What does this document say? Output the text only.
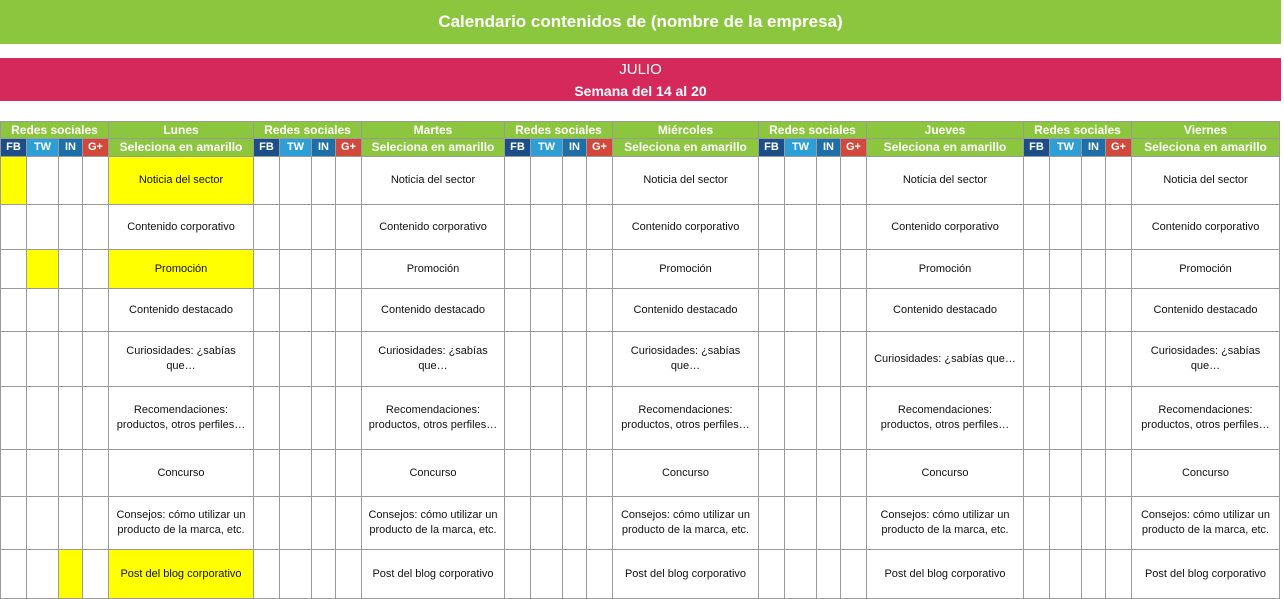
Calendario contenidos de (nombre de la empresa)
JULIO
Semana del 14 al 20
Redes sociales				Lunes	Redes sociales				Martes	Redes sociales				Miércoles	Redes sociales				Jueves	Redes sociales				Viernes
FB	TW	IN	G+	Seleciona en amarillo	FB	TW	IN	G+	Seleciona en amarillo	FB	TW	IN	G+	Seleciona en amarillo	FB	TW	IN	G+	Seleciona en amarillo	FB	TW	IN	G+	Seleciona en amarillo
				Noticia del sector					Noticia del sector					Noticia del sector					Noticia del sector					Noticia del sector
				Contenido corporativo					Contenido corporativo					Contenido corporativo					Contenido corporativo					Contenido corporativo
				Promoción					Promoción					Promoción					Promoción					Promoción
				Contenido destacado					Contenido destacado					Contenido destacado					Contenido destacado					Contenido destacado
				Curiosidades: ¿sabías que…					Curiosidades: ¿sabías que…					Curiosidades: ¿sabías que…					Curiosidades: ¿sabías que…					Curiosidades: ¿sabías que…
				Recomendaciones: productos, otros perfiles…					Recomendaciones: productos, otros perfiles…					Recomendaciones: productos, otros perfiles…					Recomendaciones: productos, otros perfiles…					Recomendaciones: productos, otros perfiles…
				Concurso					Concurso					Concurso					Concurso					Concurso
				Consejos: cómo utilizar un producto de la marca, etc.					Consejos: cómo utilizar un producto de la marca, etc.					Consejos: cómo utilizar un producto de la marca, etc.					Consejos: cómo utilizar un producto de la marca, etc.					Consejos: cómo utilizar un producto de la marca, etc.
				Post del blog corporativo					Post del blog corporativo					Post del blog corporativo					Post del blog corporativo					Post del blog corporativo
